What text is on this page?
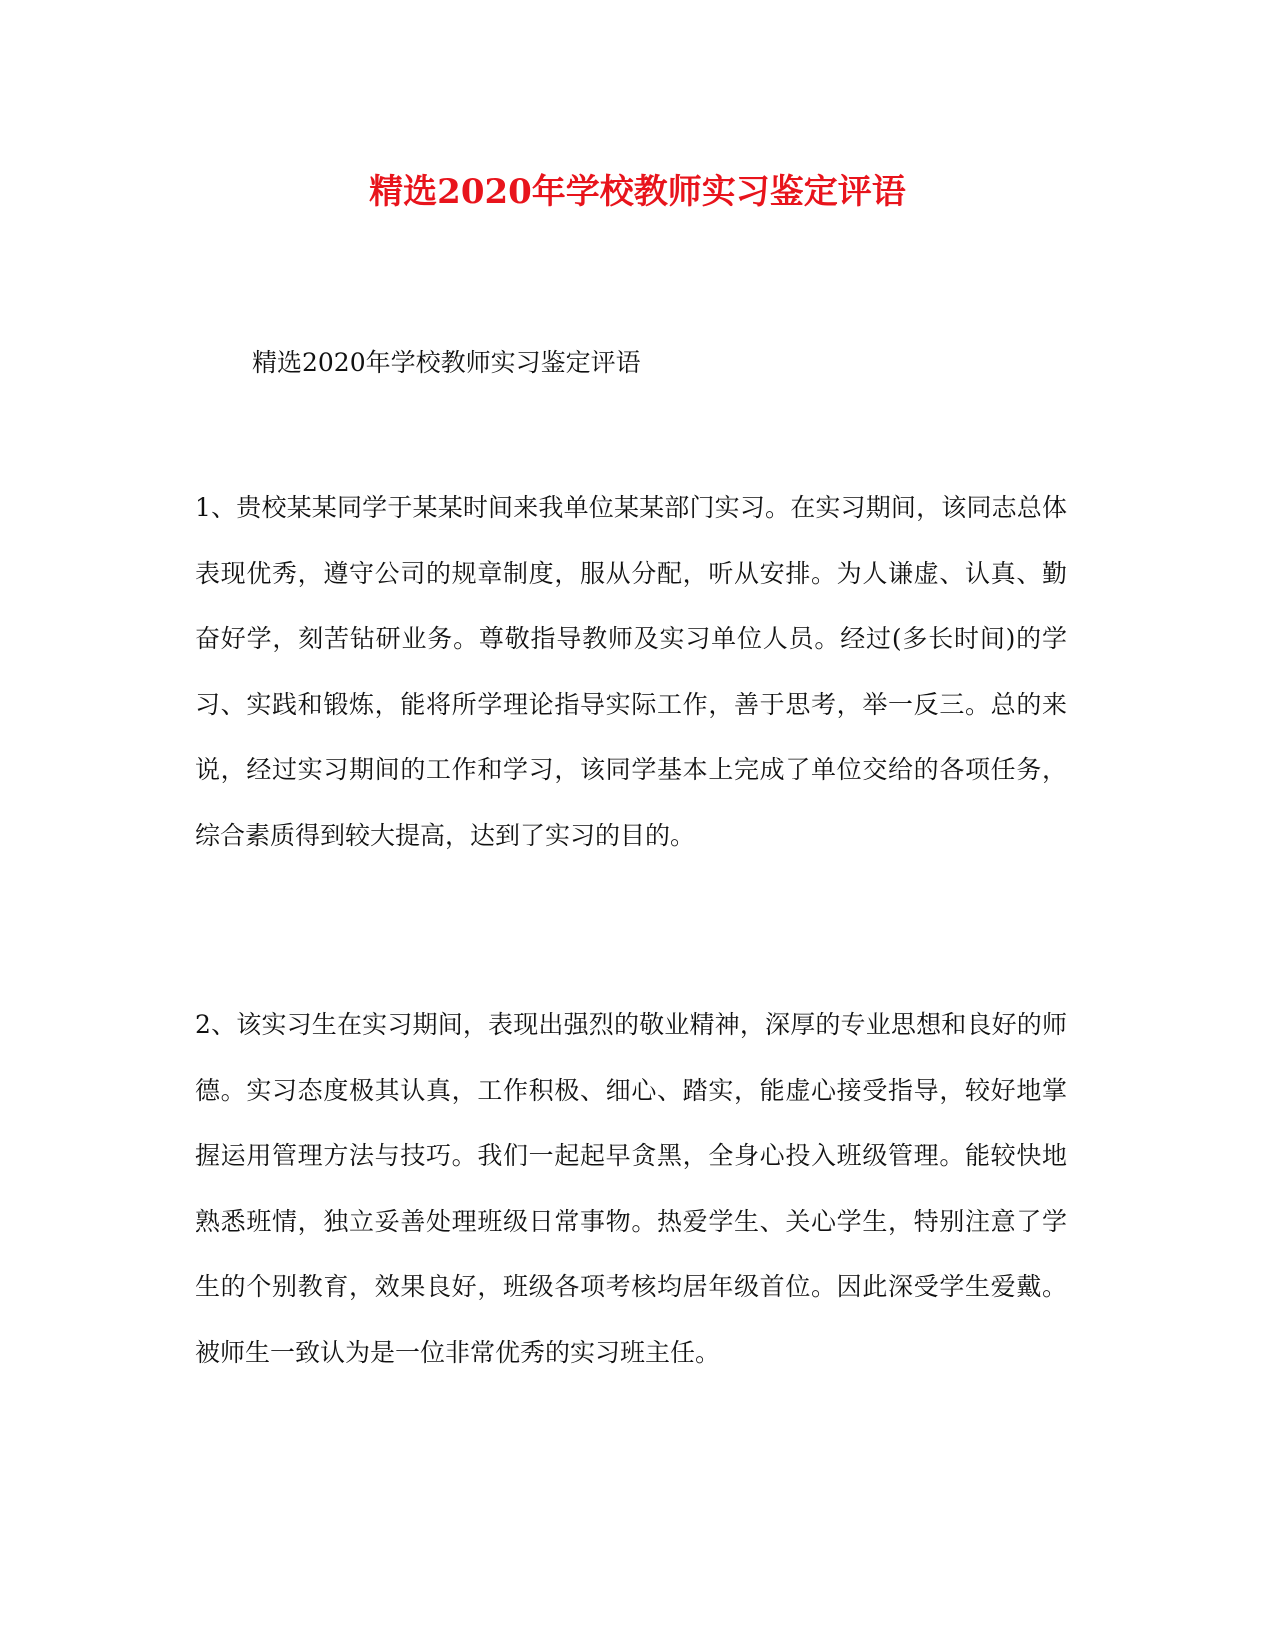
精选2020年学校教师实习鉴定评语

精选2020年学校教师实习鉴定评语

1、贵校某某同学于某某时间来我单位某某部门实习。在实习期间，该同志总体表现优秀，遵守公司的规章制度，服从分配，听从安排。为人谦虚、认真、勤奋好学，刻苦钻研业务。尊敬指导教师及实习单位人员。经过(多长时间)的学习、实践和锻炼，能将所学理论指导实际工作，善于思考，举一反三。总的来说，经过实习期间的工作和学习，该同学基本上完成了单位交给的各项任务，综合素质得到较大提高，达到了实习的目的。

2、该实习生在实习期间，表现出强烈的敬业精神，深厚的专业思想和良好的师德。实习态度极其认真，工作积极、细心、踏实，能虚心接受指导，较好地掌握运用管理方法与技巧。我们一起起早贪黑，全身心投入班级管理。能较快地熟悉班情，独立妥善处理班级日常事物。热爱学生、关心学生，特别注意了学生的个别教育，效果良好，班级各项考核均居年级首位。因此深受学生爱戴。被师生一致认为是一位非常优秀的实习班主任。
